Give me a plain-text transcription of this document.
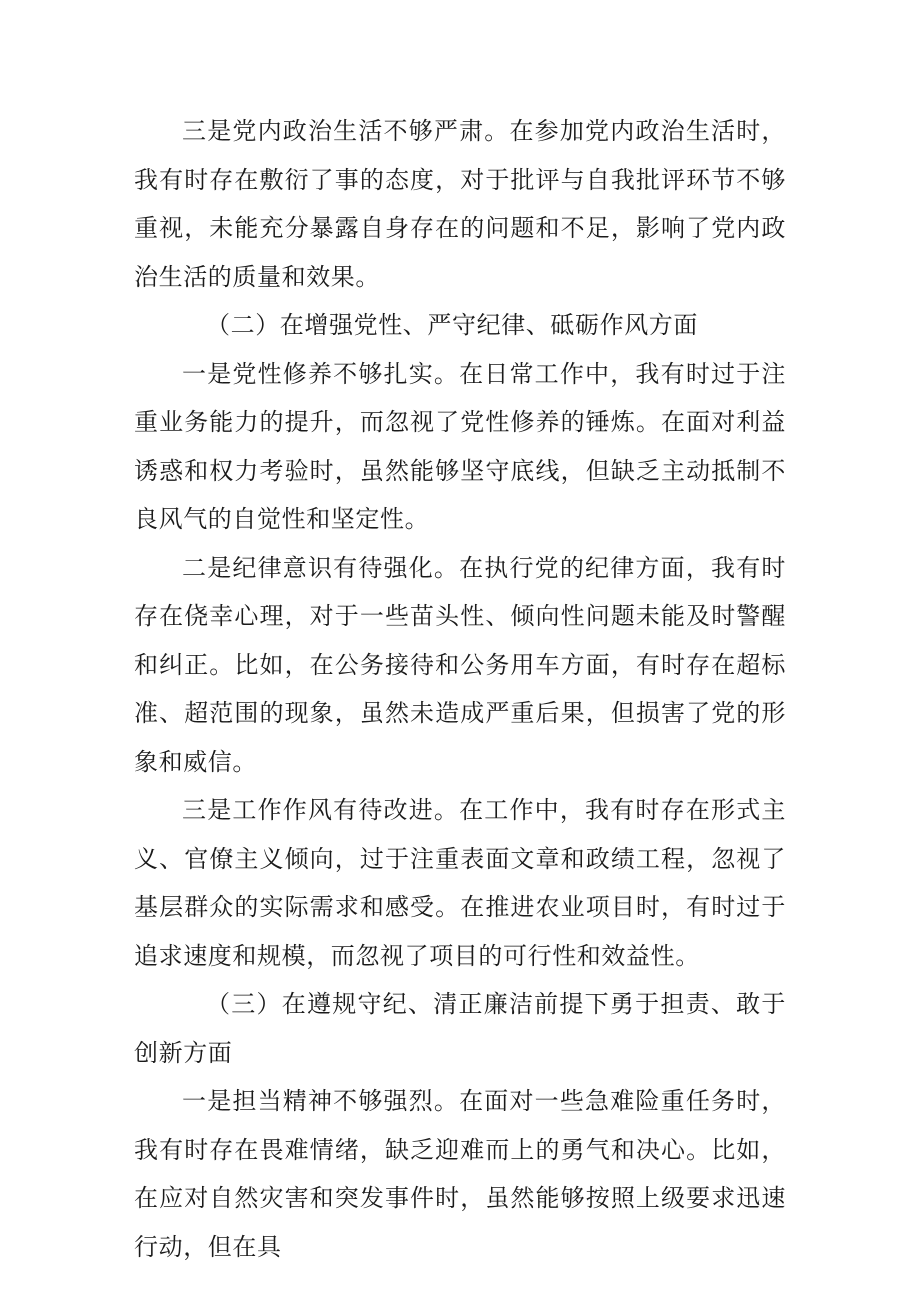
三是党内政治生活不够严肃。在参加党内政治生活时，我有时存在敷衍了事的态度，对于批评与自我批评环节不够重视，未能充分暴露自身存在的问题和不足，影响了党内政治生活的质量和效果。

（二）在增强党性、严守纪律、砥砺作风方面

一是党性修养不够扎实。在日常工作中，我有时过于注重业务能力的提升，而忽视了党性修养的锤炼。在面对利益诱惑和权力考验时，虽然能够坚守底线，但缺乏主动抵制不良风气的自觉性和坚定性。

二是纪律意识有待强化。在执行党的纪律方面，我有时存在侥幸心理，对于一些苗头性、倾向性问题未能及时警醒和纠正。比如，在公务接待和公务用车方面，有时存在超标准、超范围的现象，虽然未造成严重后果，但损害了党的形象和威信。

三是工作作风有待改进。在工作中，我有时存在形式主义、官僚主义倾向，过于注重表面文章和政绩工程，忽视了基层群众的实际需求和感受。在推进农业项目时，有时过于追求速度和规模，而忽视了项目的可行性和效益性。

（三）在遵规守纪、清正廉洁前提下勇于担责、敢于创新方面

一是担当精神不够强烈。在面对一些急难险重任务时，我有时存在畏难情绪，缺乏迎难而上的勇气和决心。比如，在应对自然灾害和突发事件时，虽然能够按照上级要求迅速行动，但在具
